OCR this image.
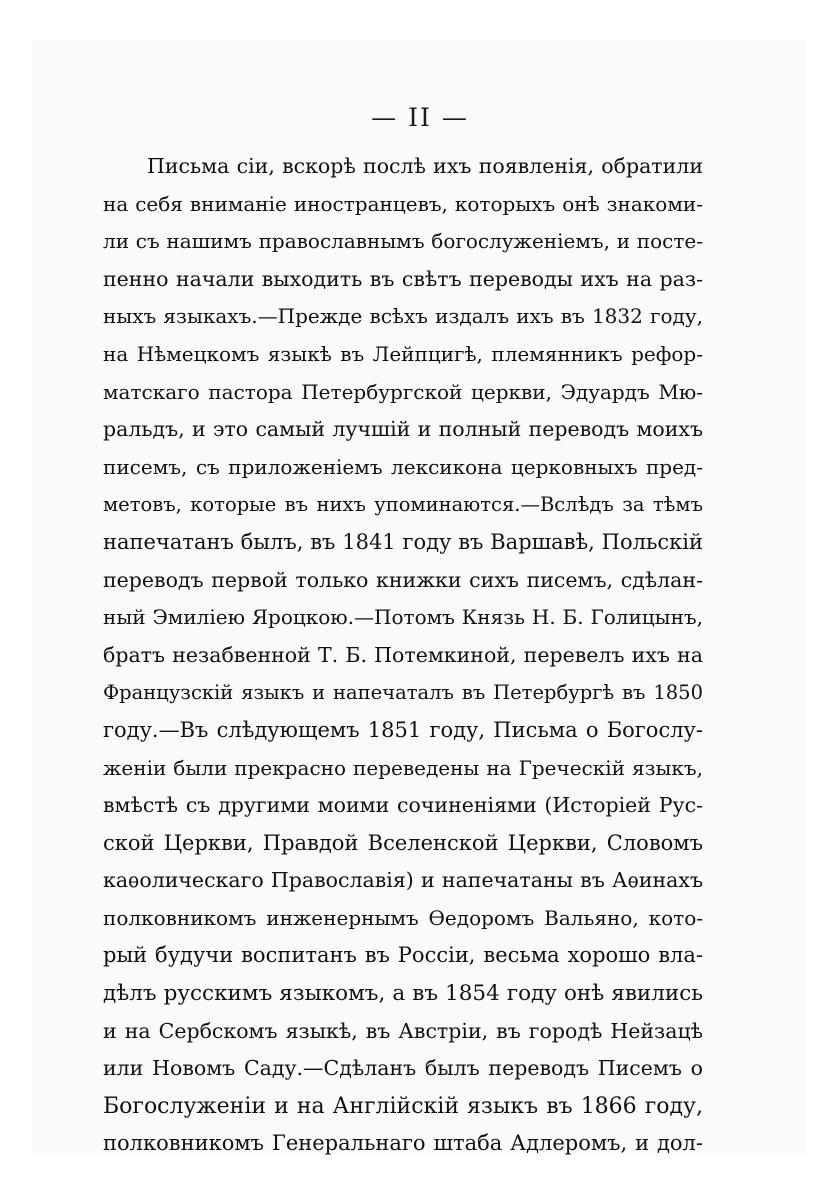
— II —
Письма сіи, вскорѣ послѣ ихъ появленія, обратили
на себя вниманіе иностранцевъ, которыхъ онѣ знакоми-
ли съ нашимъ православнымъ богослуженіемъ, и посте-
пенно начали выходить въ свѣтъ переводы ихъ на раз-
ныхъ языкахъ.—Прежде всѣхъ издалъ ихъ въ 1832 году,
на Нѣмецкомъ языкѣ въ Лейпцигѣ, племянникъ рефор-
матскаго пастора Петербургской церкви, Эдуардъ Мю-
ральдъ, и это самый лучшій и полный переводъ моихъ
писемъ, съ приложеніемъ лексикона церковныхъ пред-
метовъ, которые въ нихъ упоминаются.—Вслѣдъ за тѣмъ
напечатанъ былъ, въ 1841 году въ Варшавѣ, Польскій
переводъ первой только книжки сихъ писемъ, сдѣлан-
ный Эмиліею Яроцкою.—Потомъ Князь Н. Б. Голицынъ,
братъ незабвенной Т. Б. Потемкиной, перевелъ ихъ на
Французскій языкъ и напечаталъ въ Петербургѣ въ 1850
году.—Въ слѣдующемъ 1851 году, Письма о Богослу-
женіи были прекрасно переведены на Греческій языкъ,
вмѣстѣ съ другими моими сочиненіями (Исторіей Рус-
ской Церкви, Правдой Вселенской Церкви, Словомъ
каѳолическаго Православія) и напечатаны въ Аѳинахъ
полковникомъ инженернымъ Ѳедоромъ Вальяно, кото-
рый будучи воспитанъ въ Россіи, весьма хорошо вла-
дѣлъ русскимъ языкомъ, а въ 1854 году онѣ явились
и на Сербскомъ языкѣ, въ Австріи, въ городѣ Нейзацѣ
или Новомъ Саду.—Сдѣланъ былъ переводъ Писемъ о
Богослуженіи и на Англійскій языкъ въ 1866 году,
полковникомъ Генеральнаго штаба Адлеромъ, и дол-
